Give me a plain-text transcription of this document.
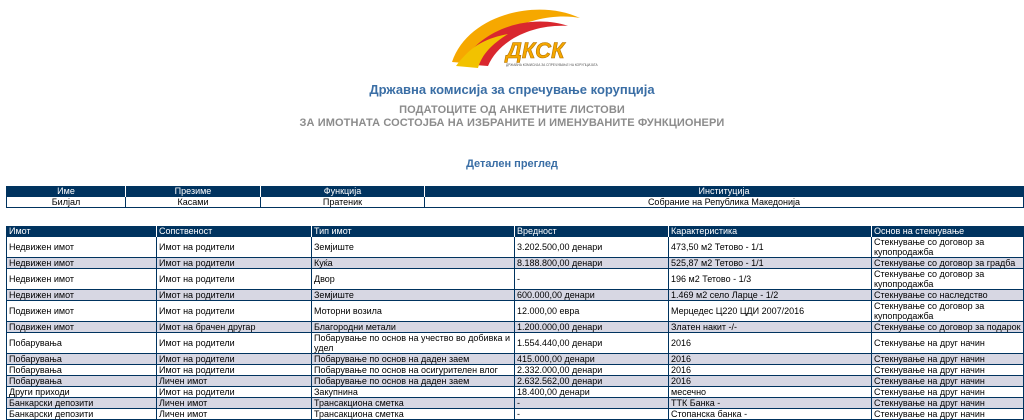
ДКСК
ДРЖАВНА КОМИСИЈА ЗА СПРЕЧУВАЊЕ НА КОРУПЦИЈАТА
Државна комисија за спречување корупција
ПОДАТОЦИТЕ ОД АНКЕТНИТЕ ЛИСТОВИ
ЗА ИМОТНАТА СОСТОЈБА НА ИЗБРАНИТЕ И ИМЕНУВАНИТЕ ФУНКЦИОНЕРИ
Детален преглед
Име	Презиме	Функција	Институција
Билјал	Касами	Пратеник	Собрание на Република Македонија
Имот	Сопственост	Тип имот	Вредност	Карактеристика	Основ на стекнување
Недвижен имот	Имот на родители	Земјиште	3.202.500,00 денари	473,50 м2 Тетово - 1/1	Стекнување со договор за купопродажба
Недвижен имот	Имот на родители	Куќа	8.188.800,00 денари	525,87 м2 Тетово - 1/1	Стекнување со договор за градба
Недвижен имот	Имот на родители	Двор	-	196 м2 Тетово - 1/3	Стекнување со договор за купопродажба
Недвижен имот	Имот на родители	Земјиште	600.000,00 денари	1.469 м2 село Ларце - 1/2	Стекнување со наследство
Подвижен имот	Имот на родители	Моторни возила	12.000,00 евра	Мерцедес Ц220 ЦДИ 2007/2016	Стекнување со договор за купопродажба
Подвижен имот	Имот на брачен другар	Благородни метали	1.200.000,00 денари	Златен накит -/-	Стекнување со договор за подарок
Побарувања	Имот на родители	Побарување по основ на учество во добивка и удел	1.554.440,00 денари	2016	Стекнување на друг начин
Побарувања	Имот на родители	Побарување по основ на даден заем	415.000,00 денари	2016	Стекнување на друг начин
Побарувања	Имот на родители	Побарување по основ на осигурителен влог	2.332.000,00 денари	2016	Стекнување на друг начин
Побарувања	Личен имот	Побарување по основ на даден заем	2.632.562,00 денари	2016	Стекнување на друг начин
Други приходи	Имот на родители	Закупнина	18.400,00 денари	месечно	Стекнување на друг начин
Банкарски депозити	Личен имот	Трансакциона сметка	-	ТТК Банка -	Стекнување на друг начин
Банкарски депозити	Личен имот	Трансакциона сметка	-	Стопанска банка -	Стекнување на друг начин
